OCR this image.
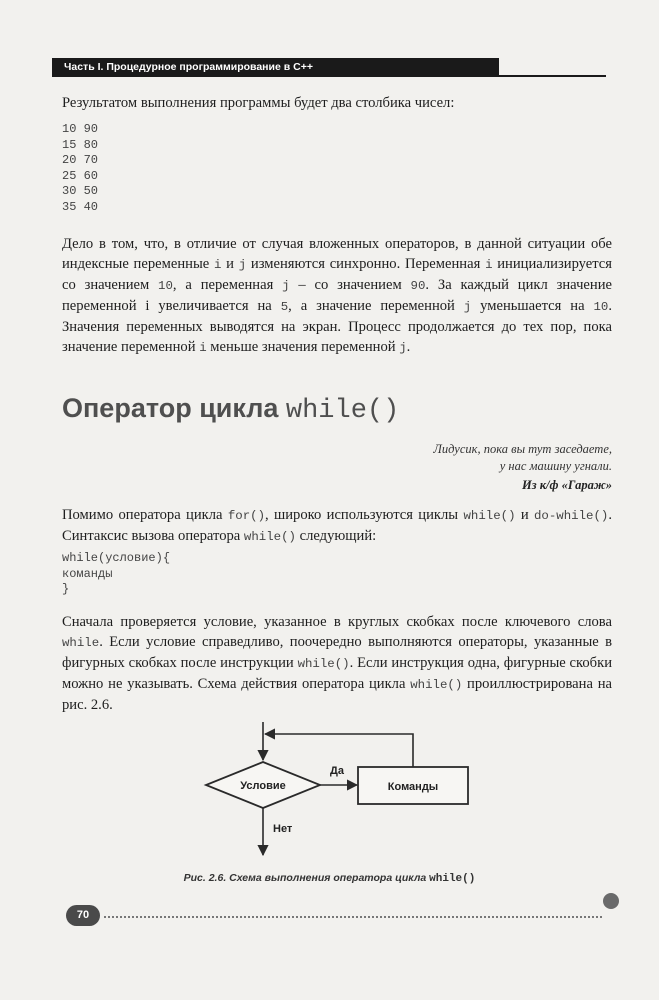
Часть I. Процедурное программирование в C++

Результатом выполнения программы будет два столбика чисел:

10 90
15 80
20 70
25 60
30 50
35 40

Дело в том, что, в отличие от случая вложенных операторов, в данной ситуации обе индексные переменные i и j изменяются синхронно. Переменная i инициализируется со значением 10, а переменная j – со значением 90. За каждый цикл значение переменной i увеличивается на 5, а значение переменной j уменьшается на 10. Значения переменных выводятся на экран. Процесс продолжается до тех пор, пока значение переменной i меньше значения переменной j.

Оператор цикла while()
Лидусик, пока вы тут заседаете,
у нас машину угнали.
Из к/ф «Гараж»

Помимо оператора цикла for(), широко используются циклы while() и do-while(). Синтаксис вызова оператора while() следующий:

while(условие){
команды
}

Сначала проверяется условие, указанное в круглых скобках после ключевого слова while. Если условие справедливо, поочередно выполняются операторы, указанные в фигурных скобках после инструкции while(). Если инструкция одна, фигурные скобки можно не указывать. Схема действия оператора цикла while() проиллюстрирована на рис. 2.6.

Условие
Да
Команды
Нет
Рис. 2.6. Схема выполнения оператора цикла while()
70
